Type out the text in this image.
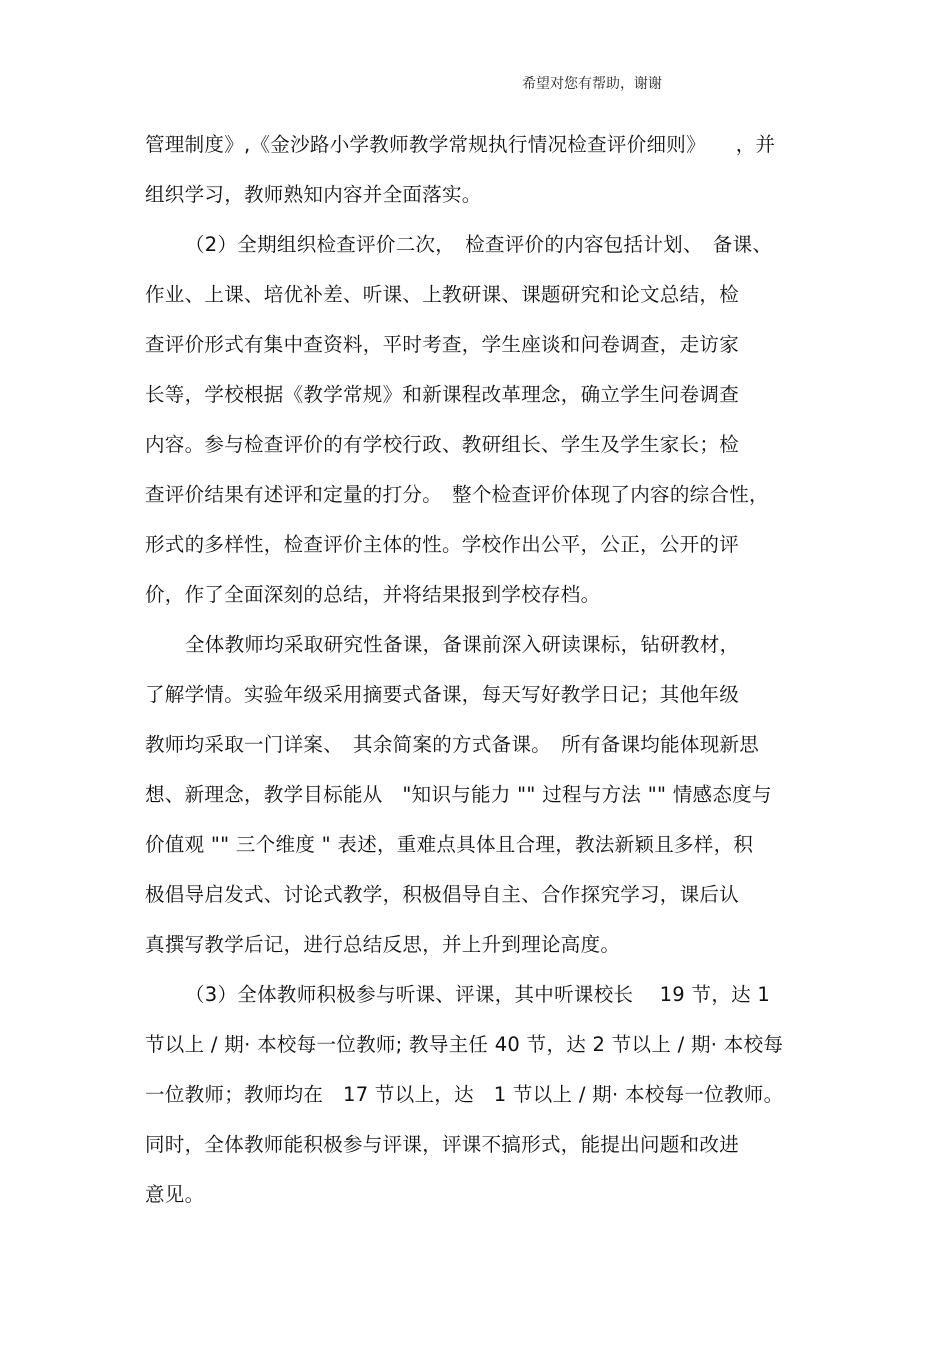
希望对您有帮助，谢谢
管理制度》,《金沙路小学教师教学常规执行情况检查评价细则》　　，并
组织学习，教师熟知内容并全面落实。
（2）全期组织检查评价二次，　检查评价的内容包括计划、　备课、
作业、上课、培优补差、听课、上教研课、课题研究和论文总结，检
查评价形式有集中查资料，平时考查，学生座谈和问卷调查，走访家
长等，学校根据《教学常规》和新课程改革理念，确立学生问卷调查
内容。参与检查评价的有学校行政、教研组长、学生及学生家长；检
查评价结果有述评和定量的打分。　整个检查评价体现了内容的综合性，
形式的多样性，检查评价主体的性。学校作出公平，公正，公开的评
价，作了全面深刻的总结，并将结果报到学校存档。
全体教师均采取研究性备课，备课前深入研读课标，钻研教材，
了解学情。实验年级采用摘要式备课，每天写好教学日记；其他年级
教师均采取一门详案、　其余简案的方式备课。　所有备课均能体现新思
想、新理念，教学目标能从　"知识与能力 "" 过程与方法 "" 情感态度与
价值观 "" 三个维度 " 表述，重难点具体且合理，教法新颖且多样，积
极倡导启发式、讨论式教学，积极倡导自主、合作探究学习，课后认
真撰写教学后记，进行总结反思，并上升到理论高度。
（3）全体教师积极参与听课、评课，其中听课校长　 19 节，达 1
节以上 / 期· 本校每一位教师; 教导主任 40 节，达 2 节以上 / 期· 本校每
一位教师；教师均在　17 节以上，达　1 节以上 / 期· 本校每一位教师。
同时，全体教师能积极参与评课，评课不搞形式，能提出问题和改进
意见。
